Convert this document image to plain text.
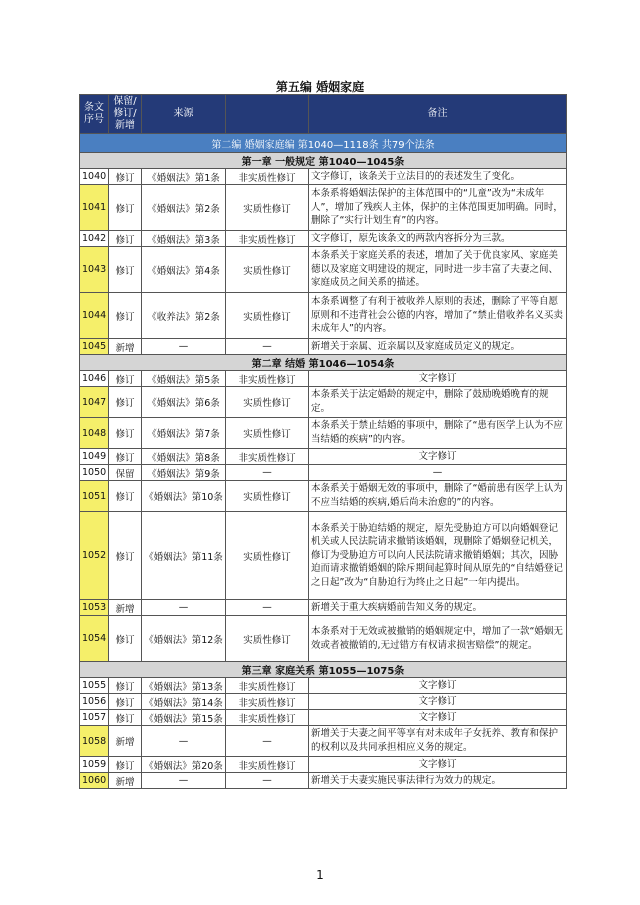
第五编 婚姻家庭
条文序号	保留/修订/新增	来源		备注
第二编 婚姻家庭编 第1040—1118条 共79个法条				
第一章 一般规定 第1040—1045条				
1040	修订	《婚姻法》第1条	非实质性修订	文字修订，该条关于立法目的的表述发生了变化。
1041	修订	《婚姻法》第2条	实质性修订	本条系将婚姻法保护的主体范围中的“儿童”改为“未成年人”，增加了残疾人主体，保护的主体范围更加明确。同时，删除了“实行计划生育”的内容。
1042	修订	《婚姻法》第3条	非实质性修订	文字修订，原先该条文的两款内容拆分为三款。
1043	修订	《婚姻法》第4条	实质性修订	本条系关于家庭关系的表述，增加了关于优良家风、家庭美德以及家庭文明建设的规定，同时进一步丰富了夫妻之间、家庭成员之间关系的描述。
1044	修订	《收养法》第2条	实质性修订	本条系调整了有利于被收养人原则的表述，删除了平等自愿原则和不违背社会公德的内容，增加了“禁止借收养名义买卖未成年人”的内容。
1045	新增	—	—	新增关于亲属、近亲属以及家庭成员定义的规定。
第二章 结婚 第1046—1054条				
1046	修订	《婚姻法》第5条	非实质性修订	文字修订
1047	修订	《婚姻法》第6条	实质性修订	本条系关于法定婚龄的规定中，删除了鼓励晚婚晚育的规定。
1048	修订	《婚姻法》第7条	实质性修订	本条系关于禁止结婚的事项中，删除了“患有医学上认为不应当结婚的疾病”的内容。
1049	修订	《婚姻法》第8条	非实质性修订	文字修订
1050	保留	《婚姻法》第9条	—	—
1051	修订	《婚姻法》第10条	实质性修订	本条系关于婚姻无效的事项中，删除了“婚前患有医学上认为不应当结婚的疾病,婚后尚未治愈的”的内容。
1052	修订	《婚姻法》第11条	实质性修订	本条系关于胁迫结婚的规定，原先受胁迫方可以向婚姻登记机关或人民法院请求撤销该婚姻，现删除了婚姻登记机关，修订为受胁迫方可以向人民法院请求撤销婚姻；其次，因胁迫而请求撤销婚姻的除斥期间起算时间从原先的“自结婚登记之日起”改为“自胁迫行为终止之日起”一年内提出。
1053	新增	—	—	新增关于重大疾病婚前告知义务的规定。
1054	修订	《婚姻法》第12条	实质性修订	本条系对于无效或被撤销的婚姻规定中，增加了一款“婚姻无效或者被撤销的,无过错方有权请求损害赔偿”的规定。
第三章 家庭关系 第1055—1075条				
1055	修订	《婚姻法》第13条	非实质性修订	文字修订
1056	修订	《婚姻法》第14条	非实质性修订	文字修订
1057	修订	《婚姻法》第15条	非实质性修订	文字修订
1058	新增	—	—	新增关于夫妻之间平等享有对未成年子女抚养、教育和保护的权利以及共同承担相应义务的规定。
1059	修订	《婚姻法》第20条	非实质性修订	文字修订
1060	新增	—	—	新增关于夫妻实施民事法律行为效力的规定。
1
